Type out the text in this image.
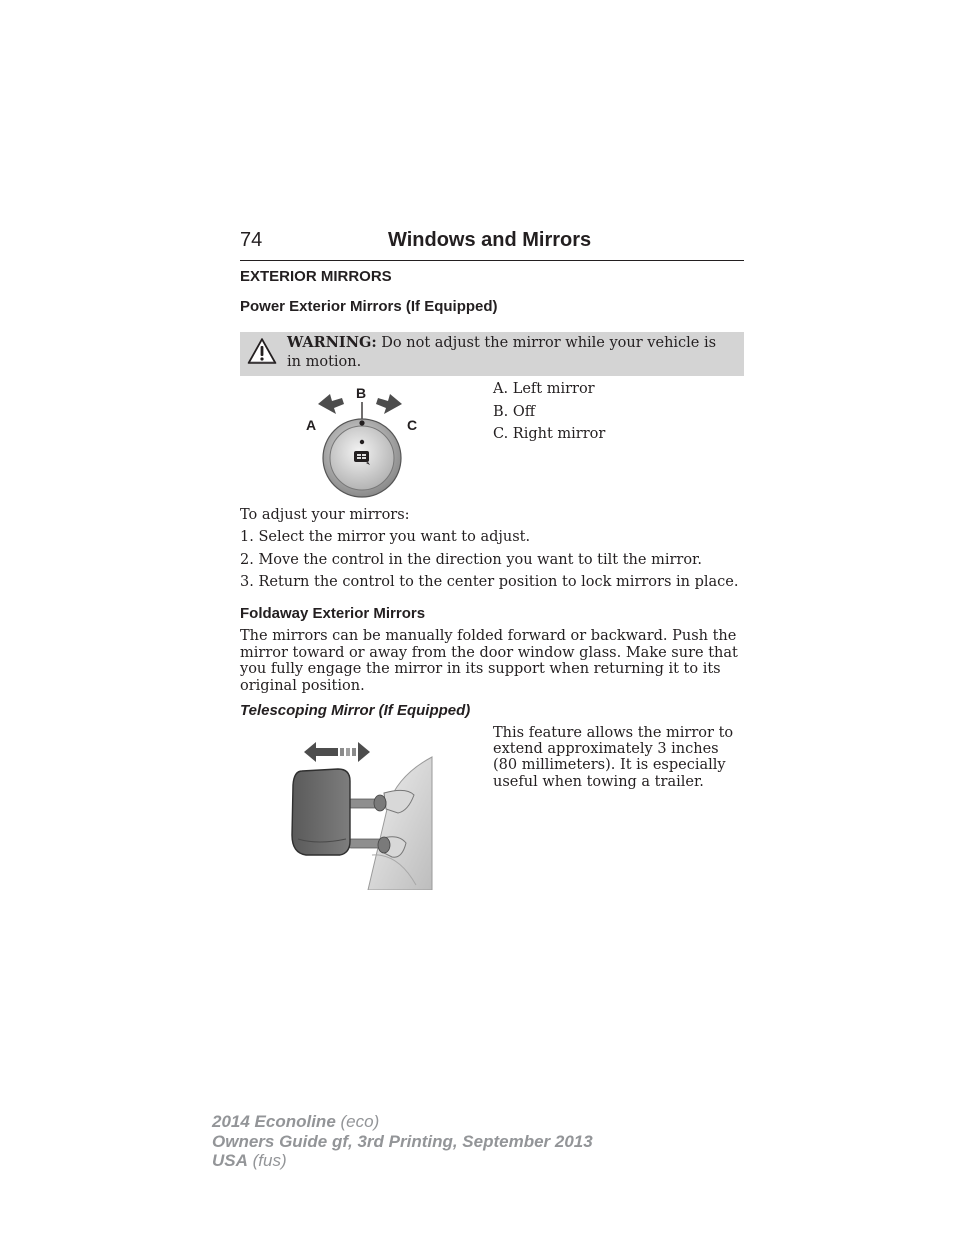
74	Windows and Mirrors
EXTERIOR MIRRORS
Power Exterior Mirrors (If Equipped)
WARNING: Do not adjust the mirror while your vehicle is in motion.
B
A	C
A. Left mirror
B. Off
C. Right mirror
To adjust your mirrors:
1. Select the mirror you want to adjust.
2. Move the control in the direction you want to tilt the mirror.
3. Return the control to the center position to lock mirrors in place.
Foldaway Exterior Mirrors
The mirrors can be manually folded forward or backward. Push the mirror toward or away from the door window glass. Make sure that you fully engage the mirror in its support when returning it to its original position.
Telescoping Mirror (If Equipped)
This feature allows the mirror to extend approximately 3 inches (80 millimeters). It is especially useful when towing a trailer.
2014 Econoline (eco)
Owners Guide gf, 3rd Printing, September 2013
USA (fus)
